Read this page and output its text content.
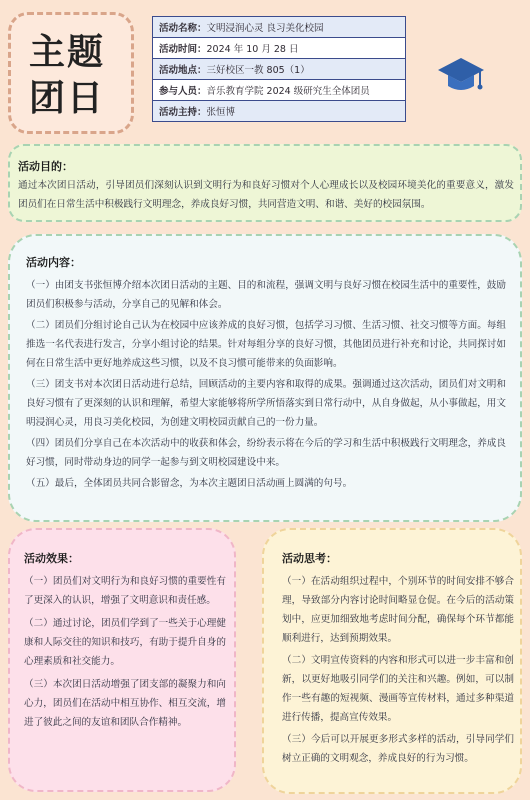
主题
团日
活动名称：文明浸润心灵 良习美化校园
活动时间：2024 年 10 月 28 日
活动地点：三好校区一教 805（1）
参与人员：音乐教育学院 2024 级研究生全体团员
活动主持：张恒博
活动目的：

通过本次团日活动，引导团员们深刻认识到文明行为和良好习惯对个人心理成长以及校园环境美化的重要意义，激发团员们在日常生活中积极践行文明理念，养成良好习惯，共同营造文明、和谐、美好的校园氛围。

活动内容：

（一）由团支书张恒博介绍本次团日活动的主题、目的和流程，强调文明与良好习惯在校园生活中的重要性，鼓励团员们积极参与活动，分享自己的见解和体会。

（二）团员们分组讨论自己认为在校园中应该养成的良好习惯，包括学习习惯、生活习惯、社交习惯等方面。每组推选一名代表进行发言，分享小组讨论的结果。针对每组分享的良好习惯，其他团员进行补充和讨论，共同探讨如何在日常生活中更好地养成这些习惯，以及不良习惯可能带来的负面影响。

（三）团支书对本次团日活动进行总结，回顾活动的主要内容和取得的成果。强调通过这次活动，团员们对文明和良好习惯有了更深刻的认识和理解，希望大家能够将所学所悟落实到日常行动中，从自身做起，从小事做起，用文明浸润心灵，用良习美化校园，为创建文明校园贡献自己的一份力量。

（四）团员们分享自己在本次活动中的收获和体会，纷纷表示将在今后的学习和生活中积极践行文明理念，养成良好习惯，同时带动身边的同学一起参与到文明校园建设中来。

（五）最后，全体团员共同合影留念，为本次主题团日活动画上圆满的句号。

活动效果：

（一）团员们对文明行为和良好习惯的重要性有了更深入的认识，增强了文明意识和责任感。

（二）通过讨论，团员们学到了一些关于心理健康和人际交往的知识和技巧，有助于提升自身的心理素质和社交能力。

（三）本次团日活动增强了团支部的凝聚力和向心力，团员们在活动中相互协作、相互交流，增进了彼此之间的友谊和团队合作精神。

活动思考：

（一）在活动组织过程中，个别环节的时间安排不够合理，导致部分内容讨论时间略显仓促。在今后的活动策划中，应更加细致地考虑时间分配，确保每个环节都能顺利进行，达到预期效果。

（二）文明宣传资料的内容和形式可以进一步丰富和创新，以更好地吸引同学们的关注和兴趣。例如，可以制作一些有趣的短视频、漫画等宣传材料，通过多种渠道进行传播，提高宣传效果。

（三）今后可以开展更多形式多样的活动，引导同学们树立正确的文明观念，养成良好的行为习惯。
